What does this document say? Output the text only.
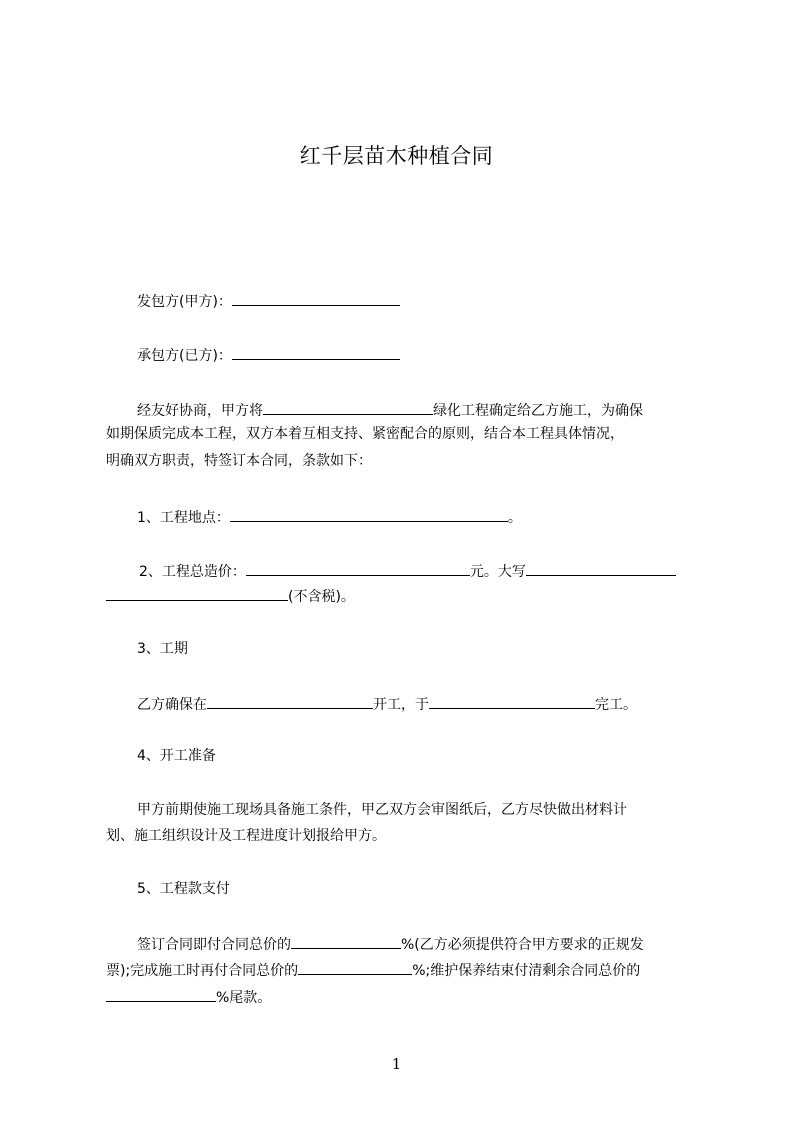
红千层苗木种植合同
发包方(甲方)：
承包方(已方)：
经友好协商，甲方将	绿化工程确定给乙方施工，为确保
如期保质完成本工程，双方本着互相支持、紧密配合的原则，结合本工程具体情况，
明确双方职责，特签订本合同，条款如下：
1、工程地点：	。
2、工程总造价：	元。大写
(不含税)。
3、工期
乙方确保在	开工，于	完工。
4、开工准备
甲方前期使施工现场具备施工条件，甲乙双方会审图纸后，乙方尽快做出材料计
划、施工组织设计及工程进度计划报给甲方。
5、工程款支付
签订合同即付合同总价的	%(乙方必须提供符合甲方要求的正规发
票);完成施工时再付合同总价的	%;维护保养结束付清剩余合同总价的
%尾款。
1
